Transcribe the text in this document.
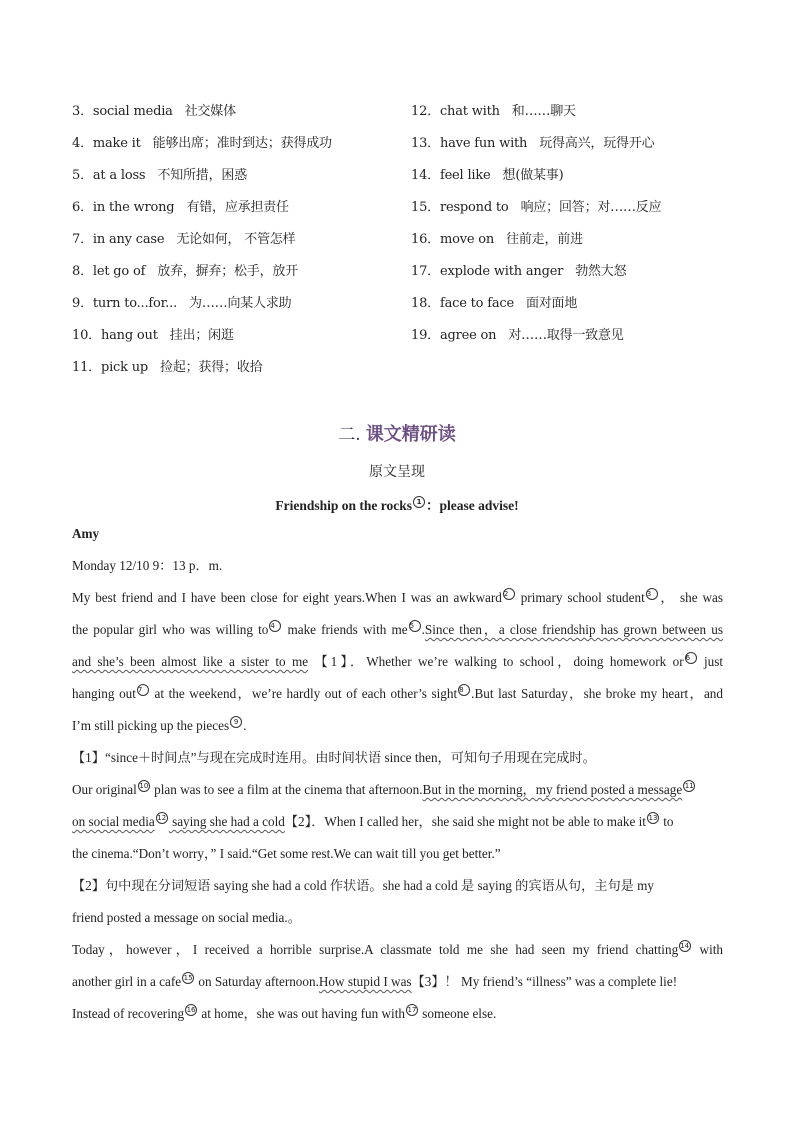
3．social media 社交媒体
4．make it 能够出席；准时到达；获得成功
5．at a loss 不知所措，困惑
6．in the wrong 有错，应承担责任
7．in any case 无论如何， 不管怎样
8．let go of 放弃，摒弃；松手，放开
9．turn to...for... 为……向某人求助
10．hang out 挂出；闲逛
11．pick up 捡起；获得；收拾
12．chat with 和……聊天
13．have fun with 玩得高兴，玩得开心
14．feel like 想(做某事)
15．respond to 响应；回答；对……反应
16．move on 往前走，前进
17．explode with anger 勃然大怒
18．face to face 面对面地
19．agree on 对……取得一致意见
二. 课文精研读
原文呈现
Friendship on the rocks $^1$ ：please advise!
Amy
Monday 12/10 9：13 p．m.
My best friend and I have been close for eight years.When I was an awkward $^2$ primary school student $^3$ ， she was
the popular girl who was willing to $^4$ make friends with me $^5$ .Since then，a close friendship has grown between us
and she’s been almost like a sister to me 【1】．Whether we’re walking to school，doing homework or $^6$ just
hanging out $^7$ at the weekend，we’re hardly out of each other’s sight $^8$ .But last Saturday，she broke my heart，and
I’m still picking up the pieces $^9$ .
【1】“since＋时间点”与现在完成时连用。由时间状语 since then，可知句子用现在完成时。
Our original $^{10}$ plan was to see a film at the cinema that afternoon.But in the morning，my friend posted a message $^{11}$
on social media $^{12}$ saying she had a cold【2】．When I called her，she said she might not be able to make it $^{13}$ to
the cinema.“Don’t worry，” I said.“Get some rest.We can wait till you get better.”
【2】句中现在分词短语 saying she had a cold 作状语。she had a cold 是 saying 的宾语从句，主句是 my
friend posted a message on social media.。
Today，however，I received a horrible surprise.A classmate told me she had seen my friend chatting $^{14}$ with
another girl in a cafe $^{15}$ on Saturday afternoon.How stupid I was【3】！ My friend’s “illness” was a complete lie!
Instead of recovering $^{16}$ at home，she was out having fun with $^{17}$ someone else.
